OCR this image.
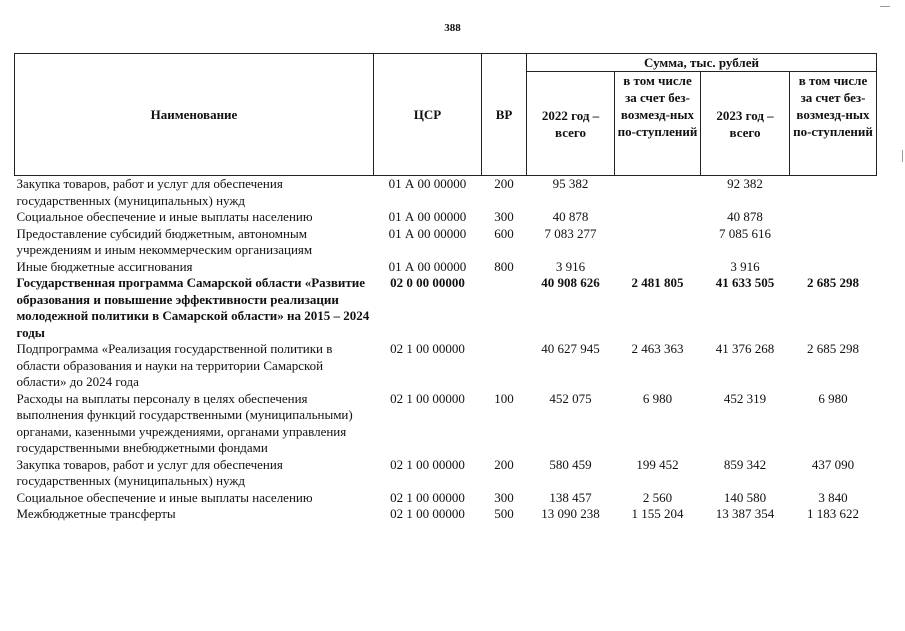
388
Наименование	ЦСР	ВР	Сумма, тыс. рублей			
			2022 год – всего	в том числе за счет без-возмезд-ных по-ступлений	2023 год – всего	в том числе за счет без-возмезд-ных по-ступлений
Закупка товаров, работ и услуг для обеспечения государственных (муниципальных) нужд	01 А 00 00000	200	95 382		92 382	
Социальное обеспечение и иные выплаты населению	01 А 00 00000	300	40 878		40 878	
Предоставление субсидий бюджетным, автономным учреждениям и иным некоммерческим организациям	01 А 00 00000	600	7 083 277		7 085 616	
Иные бюджетные ассигнования	01 А 00 00000	800	3 916		3 916	
Государственная программа Самарской области «Развитие образования и повышение эффективности реализации молодежной политики в Самарской области» на 2015 – 2024 годы	02 0 00 00000		40 908 626	2 481 805	41 633 505	2 685 298
Подпрограмма «Реализация государственной политики в области образования и науки на территории Самарской области» до 2024 года	02 1 00 00000		40 627 945	2 463 363	41 376 268	2 685 298
Расходы на выплаты персоналу в целях обеспечения выполнения функций государственными (муниципальными) органами, казенными учреждениями, органами управления государственными внебюджетными фондами	02 1 00 00000	100	452 075	6 980	452 319	6 980
Закупка товаров, работ и услуг для обеспечения государственных (муниципальных) нужд	02 1 00 00000	200	580 459	199 452	859 342	437 090
Социальное обеспечение и иные выплаты населению	02 1 00 00000	300	138 457	2 560	140 580	3 840
Межбюджетные трансферты	02 1 00 00000	500	13 090 238	1 155 204	13 387 354	1 183 622
